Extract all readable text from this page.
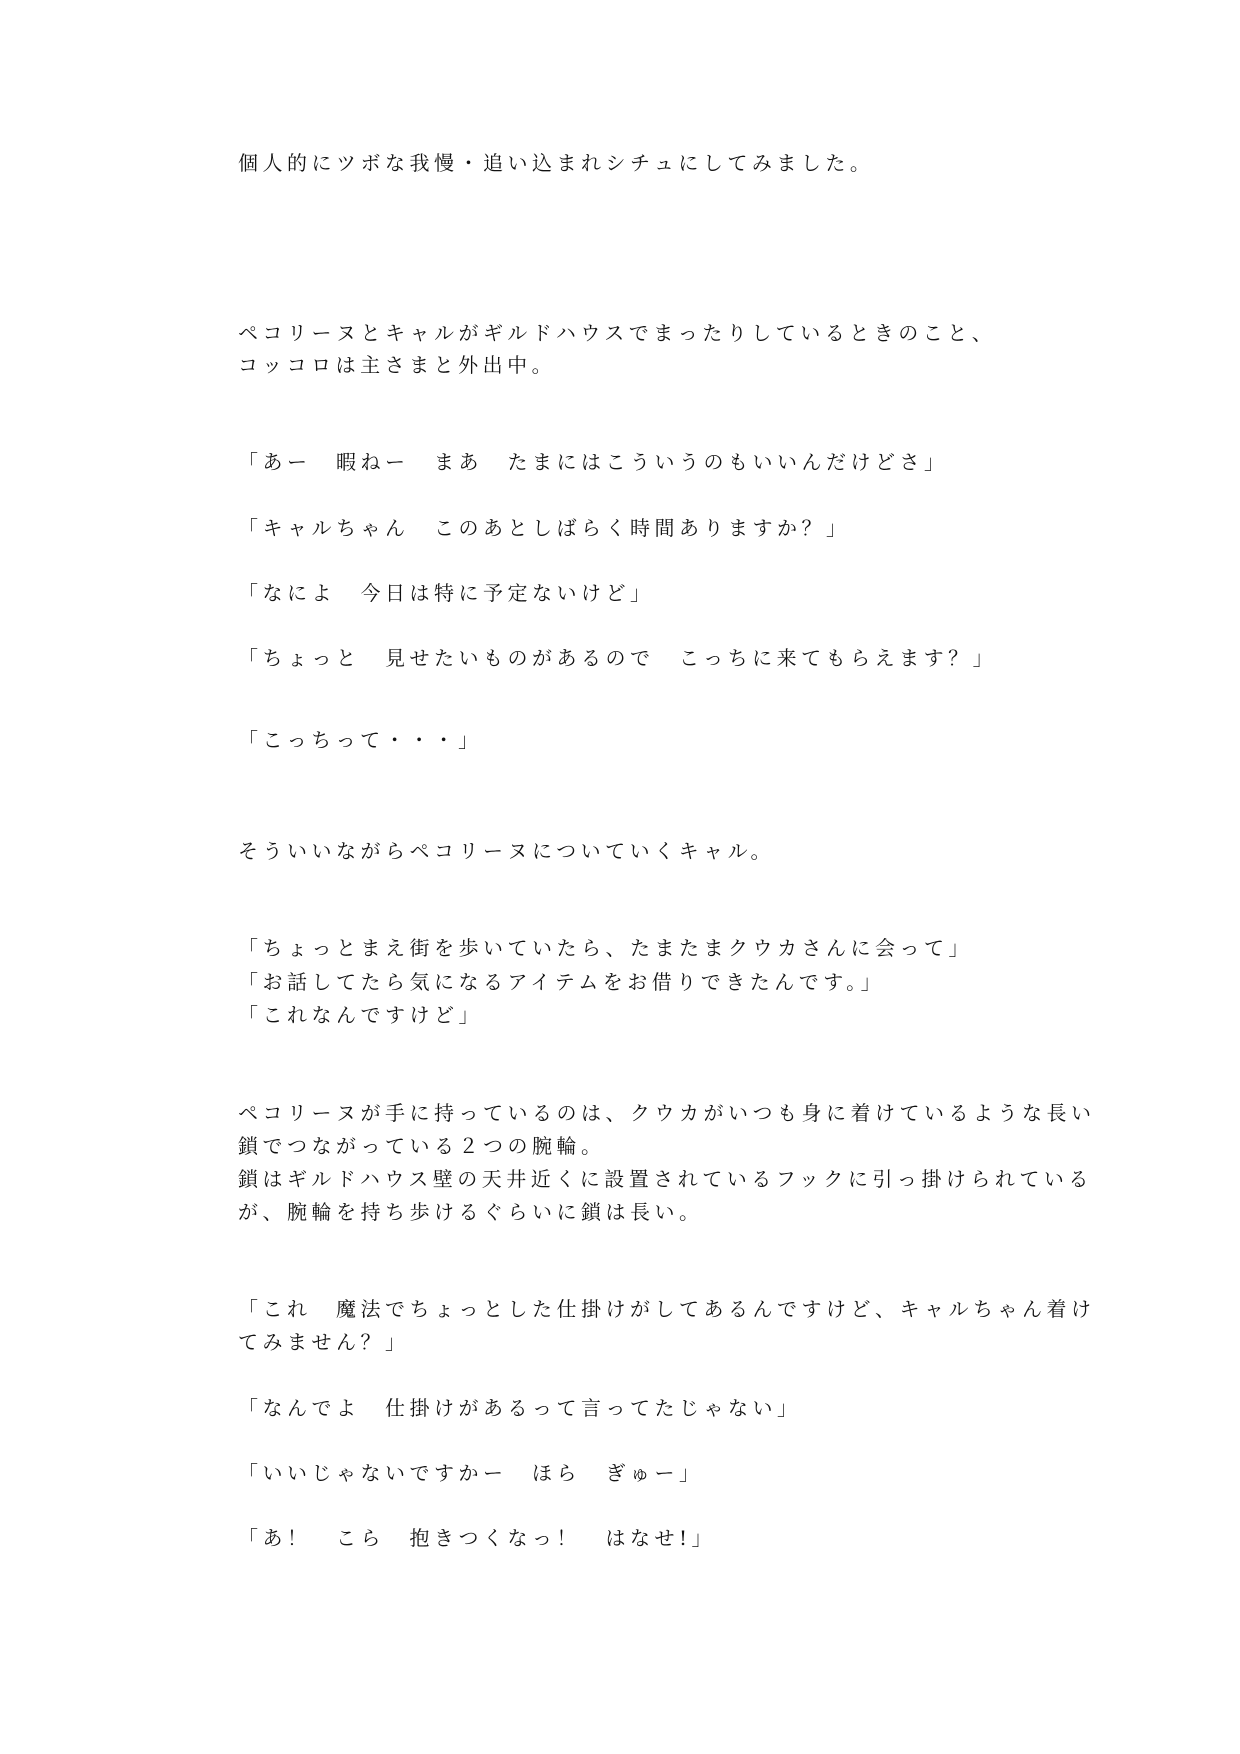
個人的にツボな我慢・追い込まれシチュにしてみました。

ペコリーヌとキャルがギルドハウスでまったりしているときのこと、

コッコロは主さまと外出中。

「あー　暇ねー　まあ　たまにはこういうのもいいんだけどさ」

「キャルちゃん　このあとしばらく時間ありますか？」

「なによ　今日は特に予定ないけど」

「ちょっと　見せたいものがあるので　こっちに来てもらえます？」

「こっちって・・・」

そういいながらペコリーヌについていくキャル。

「ちょっとまえ街を歩いていたら、たまたまクウカさんに会って」

「お話してたら気になるアイテムをお借りできたんです。」

「これなんですけど」

ペコリーヌが手に持っているのは、クウカがいつも身に着けているような長い

鎖でつながっている２つの腕輪。

鎖はギルドハウス壁の天井近くに設置されているフックに引っ掛けられている

が、腕輪を持ち歩けるぐらいに鎖は長い。

「これ　魔法でちょっとした仕掛けがしてあるんですけど、キャルちゃん着け

てみません？」

「なんでよ　仕掛けがあるって言ってたじゃない」

「いいじゃないですかー　ほら　ぎゅー」

「あ！　こら　抱きつくなっ！　はなせ!」
